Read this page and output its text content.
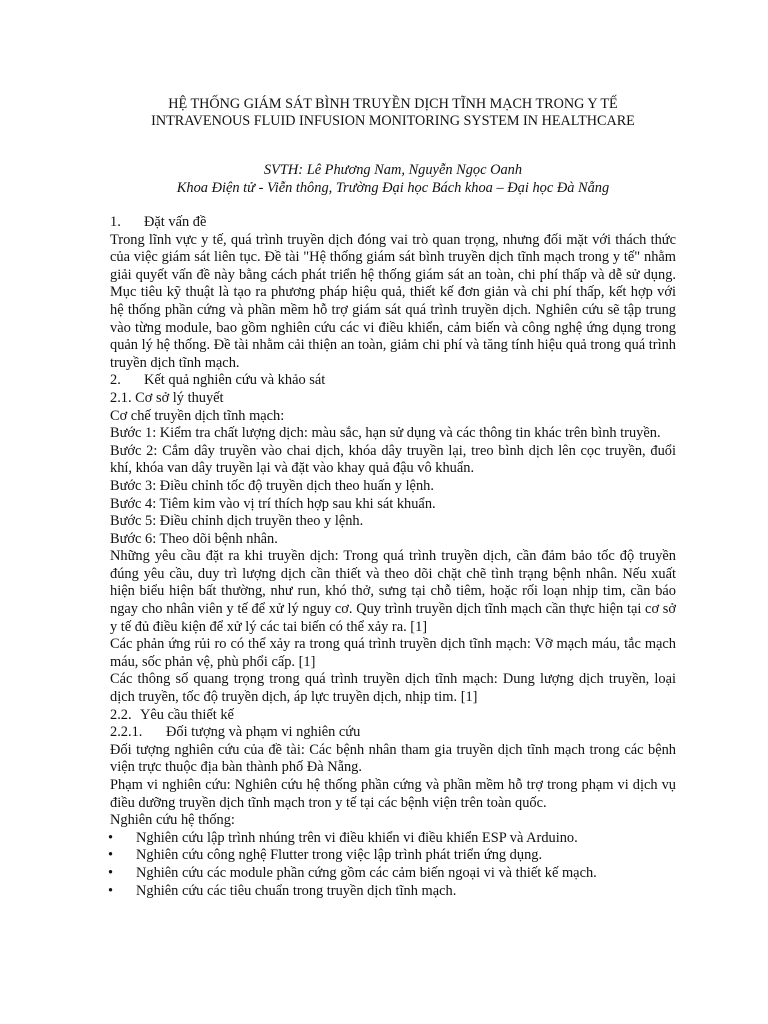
HỆ THỐNG GIÁM SÁT BÌNH TRUYỀN DỊCH TĨNH MẠCH TRONG Y TẾ

INTRAVENOUS FLUID INFUSION MONITORING SYSTEM IN HEALTHCARE

SVTH: Lê Phương Nam, Nguyễn Ngọc Oanh
Khoa Điện tử - Viễn thông, Trường Đại học Bách khoa – Đại học Đà Nẵng

1. Đặt vấn đề

Trong lĩnh vực y tế, quá trình truyền dịch đóng vai trò quan trọng, nhưng đối mặt với thách thức của việc giám sát liên tục. Đề tài "Hệ thống giám sát bình truyền dịch tĩnh mạch trong y tế" nhằm giải quyết vấn đề này bằng cách phát triển hệ thống giám sát an toàn, chi phí thấp và dễ sử dụng. Mục tiêu kỹ thuật là tạo ra phương pháp hiệu quả, thiết kế đơn giản và chi phí thấp, kết hợp với hệ thống phần cứng và phần mềm hỗ trợ giám sát quá trình truyền dịch. Nghiên cứu sẽ tập trung vào từng module, bao gồm nghiên cứu các vi điều khiển, cảm biến và công nghệ ứng dụng trong quản lý hệ thống. Đề tài nhằm cải thiện an toàn, giảm chi phí và tăng tính hiệu quả trong quá trình truyền dịch tĩnh mạch.

2. Kết quả nghiên cứu và khảo sát

2.1. Cơ sở lý thuyết

Cơ chế truyền dịch tĩnh mạch:

Bước 1: Kiểm tra chất lượng dịch: màu sắc, hạn sử dụng và các thông tin khác trên bình truyền.

Bước 2: Cắm dây truyền vào chai dịch, khóa dây truyền lại, treo bình dịch lên cọc truyền, đuổi khí, khóa van dây truyền lại và đặt vào khay quả đậu vô khuẩn.

Bước 3: Điều chỉnh tốc độ truyền dịch theo huấn y lệnh.

Bước 4: Tiêm kim vào vị trí thích hợp sau khi sát khuẩn.

Bước 5: Điều chỉnh dịch truyền theo y lệnh.

Bước 6: Theo dõi bệnh nhân.

Những yêu cầu đặt ra khi truyền dịch: Trong quá trình truyền dịch, cần đảm bảo tốc độ truyền đúng yêu cầu, duy trì lượng dịch cần thiết và theo dõi chặt chẽ tình trạng bệnh nhân. Nếu xuất hiện biểu hiện bất thường, như run, khó thở, sưng tại chỗ tiêm, hoặc rối loạn nhịp tim, cần báo ngay cho nhân viên y tế để xử lý nguy cơ. Quy trình truyền dịch tĩnh mạch cần thực hiện tại cơ sở y tế đủ điều kiện để xử lý các tai biến có thể xảy ra. [1]

Các phản ứng rủi ro có thể xảy ra trong quá trình truyền dịch tĩnh mạch: Vỡ mạch máu, tắc mạch máu, sốc phản vệ, phù phổi cấp. [1]

Các thông số quang trọng trong quá trình truyền dịch tĩnh mạch: Dung lượng dịch truyền, loại dịch truyền, tốc độ truyền dịch, áp lực truyền dịch, nhịp tim. [1]

2.2. Yêu cầu thiết kế

2.2.1. Đối tượng và phạm vi nghiên cứu

Đối tượng nghiên cứu của đề tài: Các bệnh nhân tham gia truyền dịch tĩnh mạch trong các bệnh viện trực thuộc địa bàn thành phố Đà Nẵng.

Phạm vi nghiên cứu: Nghiên cứu hệ thống phần cứng và phần mềm hỗ trợ trong phạm vi dịch vụ điều dưỡng truyền dịch tĩnh mạch tron y tế tại các bệnh viện trên toàn quốc.

Nghiên cứu hệ thống:

• Nghiên cứu lập trình nhúng trên vi điều khiển vi điều khiển ESP và Arduino.
• Nghiên cứu công nghệ Flutter trong việc lập trình phát triển ứng dụng.
• Nghiên cứu các module phần cứng gồm các cảm biến ngoại vi và thiết kế mạch.
• Nghiên cứu các tiêu chuẩn trong truyền dịch tĩnh mạch.
